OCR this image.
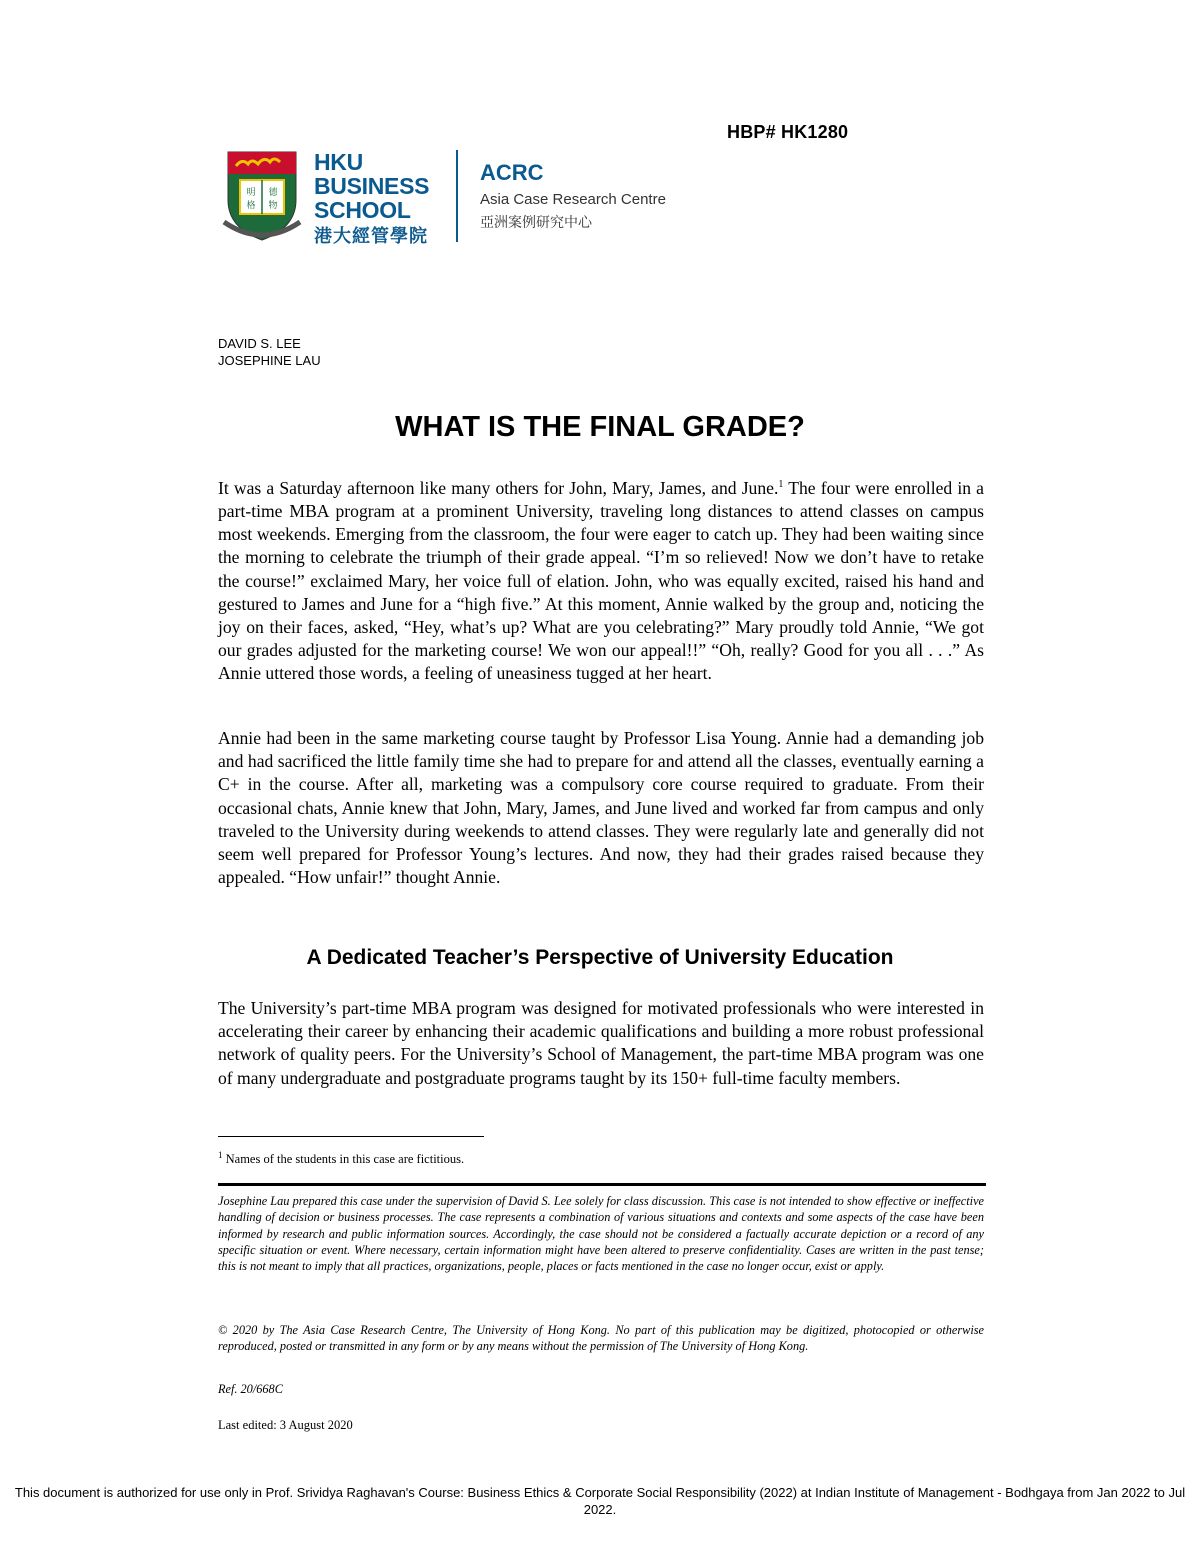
HBP# HK1280
明 德
格 物
HKU
BUSINESS
SCHOOL
港大經管學院
ACRC
Asia Case Research Centre
亞洲案例研究中心
DAVID S. LEE
JOSEPHINE LAU
WHAT IS THE FINAL GRADE?
It was a Saturday afternoon like many others for John, Mary, James, and June.$^1$ The four were enrolled in a part-time MBA program at a prominent University, traveling long distances to attend classes on campus most weekends. Emerging from the classroom, the four were eager to catch up. They had been waiting since the morning to celebrate the triumph of their grade appeal. “I’m so relieved! Now we don’t have to retake the course!” exclaimed Mary, her voice full of elation. John, who was equally excited, raised his hand and gestured to James and June for a “high five.” At this moment, Annie walked by the group and, noticing the joy on their faces, asked, “Hey, what’s up? What are you celebrating?” Mary proudly told Annie, “We got our grades adjusted for the marketing course! We won our appeal!!” “Oh, really? Good for you all . . .” As Annie uttered those words, a feeling of uneasiness tugged at her heart.
Annie had been in the same marketing course taught by Professor Lisa Young. Annie had a demanding job and had sacrificed the little family time she had to prepare for and attend all the classes, eventually earning a C+ in the course. After all, marketing was a compulsory core course required to graduate. From their occasional chats, Annie knew that John, Mary, James, and June lived and worked far from campus and only traveled to the University during weekends to attend classes. They were regularly late and generally did not seem well prepared for Professor Young’s lectures. And now, they had their grades raised because they appealed. “How unfair!” thought Annie.
A Dedicated Teacher’s Perspective of University Education
The University’s part-time MBA program was designed for motivated professionals who were interested in accelerating their career by enhancing their academic qualifications and building a more robust professional network of quality peers. For the University’s School of Management, the part-time MBA program was one of many undergraduate and postgraduate programs taught by its 150+ full-time faculty members.
$^1$ Names of the students in this case are fictitious.
Josephine Lau prepared this case under the supervision of David S. Lee solely for class discussion. This case is not intended to show effective or ineffective handling of decision or business processes. The case represents a combination of various situations and contexts and some aspects of the case have been informed by research and public information sources. Accordingly, the case should not be considered a factually accurate depiction or a record of any specific situation or event. Where necessary, certain information might have been altered to preserve confidentiality. Cases are written in the past tense; this is not meant to imply that all practices, organizations, people, places or facts mentioned in the case no longer occur, exist or apply.
© 2020 by The Asia Case Research Centre, The University of Hong Kong. No part of this publication may be digitized, photocopied or otherwise reproduced, posted or transmitted in any form or by any means without the permission of The University of Hong Kong.
Ref. 20/668C
Last edited: 3 August 2020
This document is authorized for use only in Prof. Srividya Raghavan's Course: Business Ethics & Corporate Social Responsibility (2022) at Indian Institute of Management - Bodhgaya from Jan 2022 to Jul 2022.
